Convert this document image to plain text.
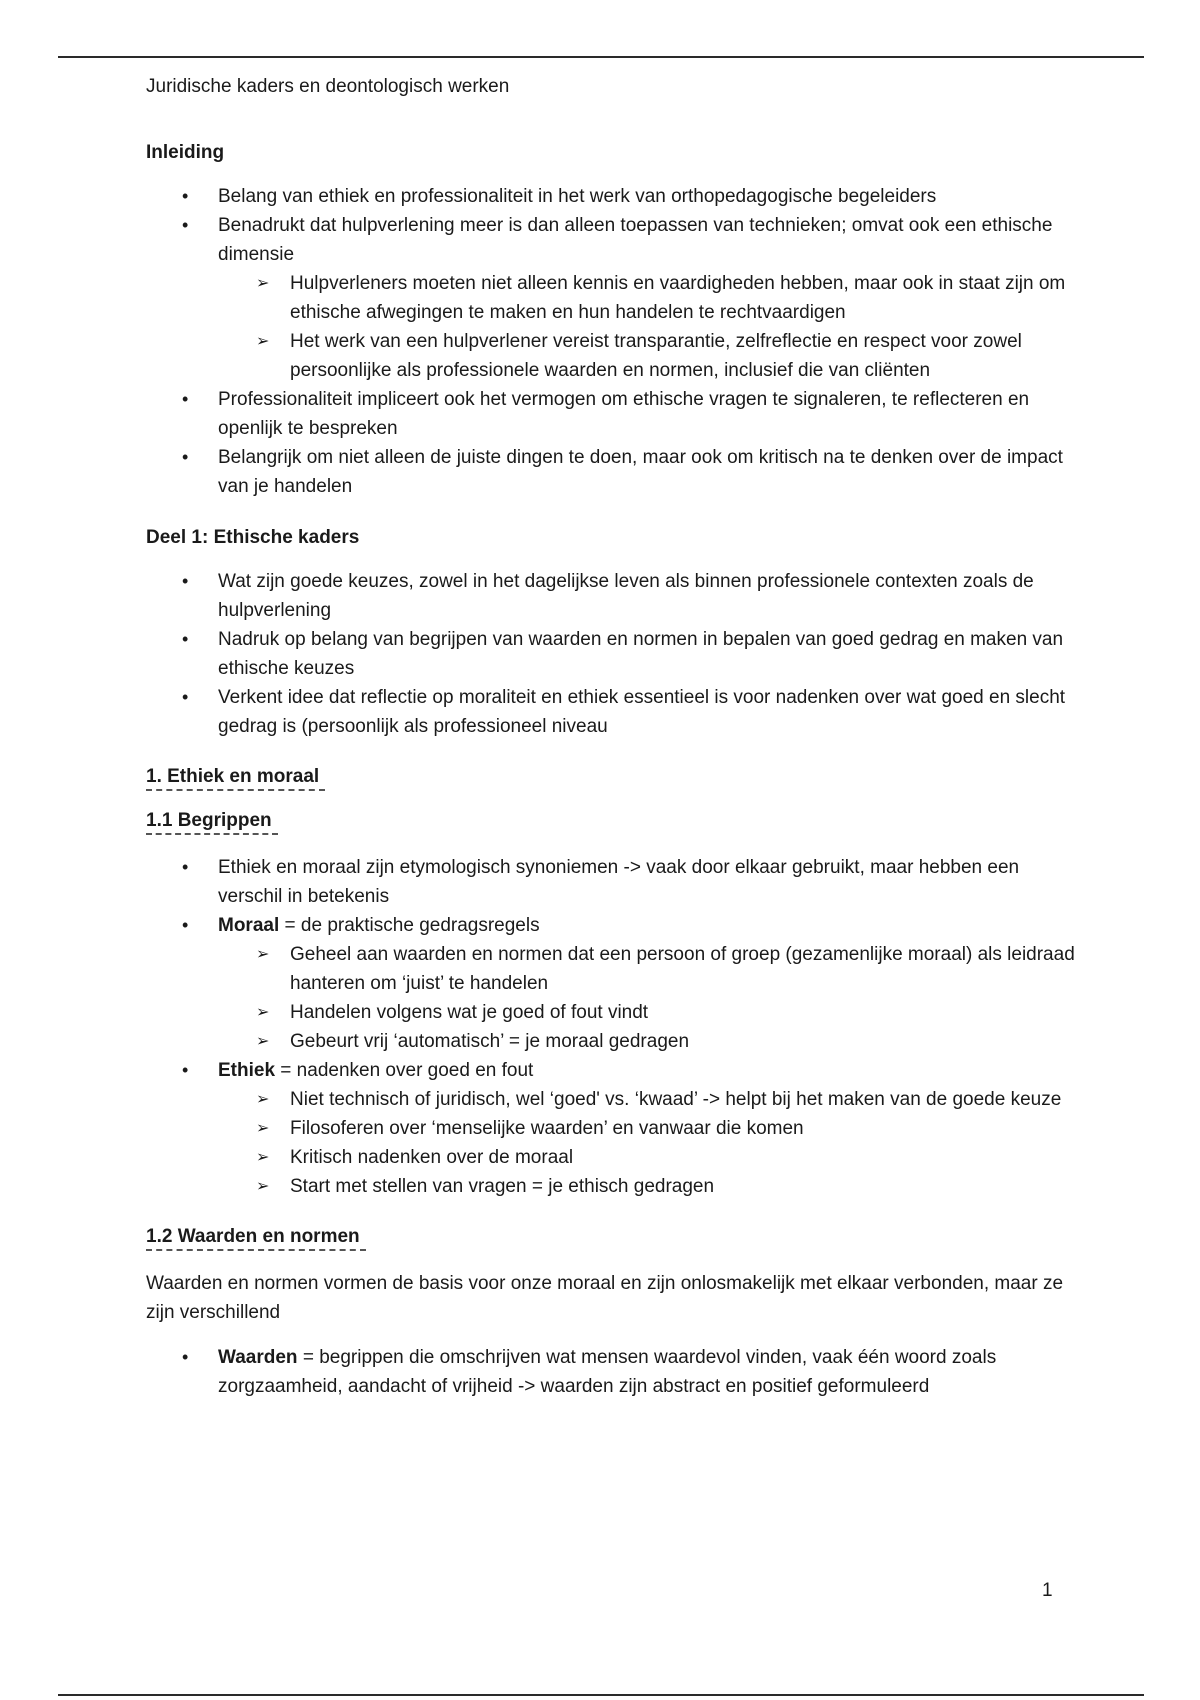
Juridische kaders en deontologisch werken
Inleiding
• Belang van ethiek en professionaliteit in het werk van orthopedagogische begeleiders
• Benadrukt dat hulpverlening meer is dan alleen toepassen van technieken; omvat ook een ethische dimensie
➢ Hulpverleners moeten niet alleen kennis en vaardigheden hebben, maar ook in staat zijn om ethische afwegingen te maken en hun handelen te rechtvaardigen
➢ Het werk van een hulpverlener vereist transparantie, zelfreflectie en respect voor zowel persoonlijke als professionele waarden en normen, inclusief die van cliënten
• Professionaliteit impliceert ook het vermogen om ethische vragen te signaleren, te reflecteren en openlijk te bespreken
• Belangrijk om niet alleen de juiste dingen te doen, maar ook om kritisch na te denken over de impact van je handelen
Deel 1: Ethische kaders
• Wat zijn goede keuzes, zowel in het dagelijkse leven als binnen professionele contexten zoals de hulpverlening
• Nadruk op belang van begrijpen van waarden en normen in bepalen van goed gedrag en maken van ethische keuzes
• Verkent idee dat reflectie op moraliteit en ethiek essentieel is voor nadenken over wat goed en slecht gedrag is (persoonlijk als professioneel niveau
1. Ethiek en moraal
1.1 Begrippen
• Ethiek en moraal zijn etymologisch synoniemen -> vaak door elkaar gebruikt, maar hebben een verschil in betekenis
• Moraal = de praktische gedragsregels
➢ Geheel aan waarden en normen dat een persoon of groep (gezamenlijke moraal) als leidraad hanteren om ‘juist’ te handelen
➢ Handelen volgens wat je goed of fout vindt
➢ Gebeurt vrij ‘automatisch’ = je moraal gedragen
• Ethiek = nadenken over goed en fout
➢ Niet technisch of juridisch, wel ‘goed' vs. ‘kwaad’ -> helpt bij het maken van de goede keuze
➢ Filosoferen over ‘menselijke waarden’ en vanwaar die komen
➢ Kritisch nadenken over de moraal
➢ Start met stellen van vragen = je ethisch gedragen
1.2 Waarden en normen

Waarden en normen vormen de basis voor onze moraal en zijn onlosmakelijk met elkaar verbonden, maar ze zijn verschillend

• Waarden = begrippen die omschrijven wat mensen waardevol vinden, vaak één woord zoals zorgzaamheid, aandacht of vrijheid -> waarden zijn abstract en positief geformuleerd
1
